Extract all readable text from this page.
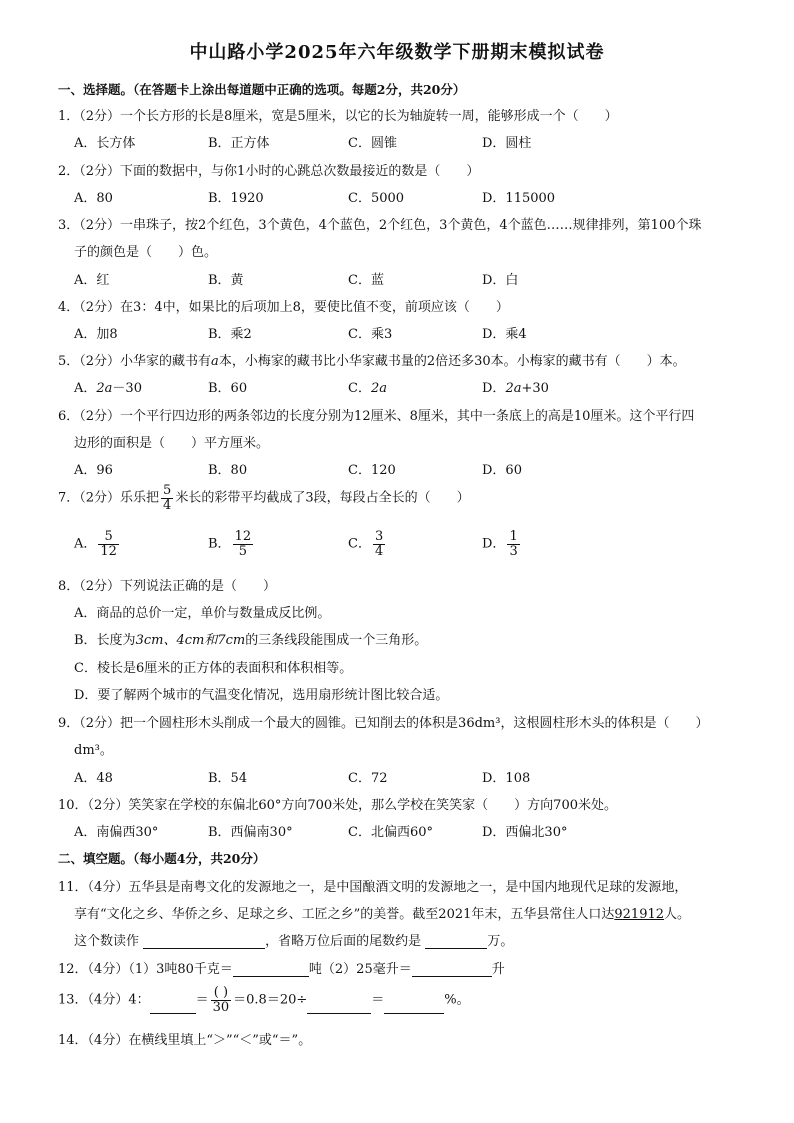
中山路小学2025年六年级数学下册期末模拟试卷
一、选择题。（在答题卡上涂出每道题中正确的选项。每题2分，共20分）
1．（2分）一个长方形的长是8厘米，宽是5厘米，以它的长为轴旋转一周，能够形成一个（　　）
A．长方体	B．正方体	C．圆锥	D．圆柱
2．（2分）下面的数据中，与你1小时的心跳总次数最接近的数是（　　）
A．80	B．1920	C．5000	D．115000
3．（2分）一串珠子，按2个红色，3个黄色，4个蓝色，2个红色，3个黄色，4个蓝色……规律排列，第100个珠
子的颜色是（　　）色。
A．红	B．黄	C．蓝	D．白
4．（2分）在3：4中，如果比的后项加上8，要使比值不变，前项应该（　　）
A．加8	B．乘2	C．乘3	D．乘4
5．（2分）小华家的藏书有a本，小梅家的藏书比小华家藏书量的2倍还多30本。小梅家的藏书有（　　）本。
A．2a－30	B．60	C．2a	D．2a+30
6．（2分）一个平行四边形的两条邻边的长度分别为12厘米、8厘米，其中一条底上的高是10厘米。这个平行四
边形的面积是（　　）平方厘米。
A．96	B．80	C．120	D．60
7．（2分）乐乐把 $\frac{5}{4}$ 米长的彩带平均截成了3段，每段占全长的（　　）
A． $\frac{5}{12}$	B． $\frac{12}{5}$	C． $\frac{3}{4}$	D． $\frac{1}{3}$
8．（2分）下列说法正确的是（　　）
A．商品的总价一定，单价与数量成反比例。
B．长度为3cm、4cm和7cm的三条线段能围成一个三角形。
C．棱长是6厘米的正方体的表面积和体积相等。
D．要了解两个城市的气温变化情况，选用扇形统计图比较合适。
9．（2分）把一个圆柱形木头削成一个最大的圆锥。已知削去的体积是36dm³，这根圆柱形木头的体积是（　　）
dm³。
A．48	B．54	C．72	D．108
10．（2分）笑笑家在学校的东偏北60°方向700米处，那么学校在笑笑家（　　）方向700米处。
A．南偏西30°	B．西偏南30°	C．北偏西60°	D．西偏北30°
二、填空题。（每小题4分，共20分）
11．（4分）五华县是南粤文化的发源地之一，是中国酿酒文明的发源地之一，是中国内地现代足球的发源地，
享有“文化之乡、华侨之乡、足球之乡、工匠之乡”的美誉。截至2021年末，五华县常住人口达921912人。
这个数读作	，省略万位后面的尾数约是	万。
12．（4分）（1）3吨80千克＝	吨（2）25毫升＝	升
13．（4分）4：	＝ $\frac{( )}{30} =0.8=20\div$	＝	%。
14．（4分）在横线里填上“＞”“＜”或“＝”。
